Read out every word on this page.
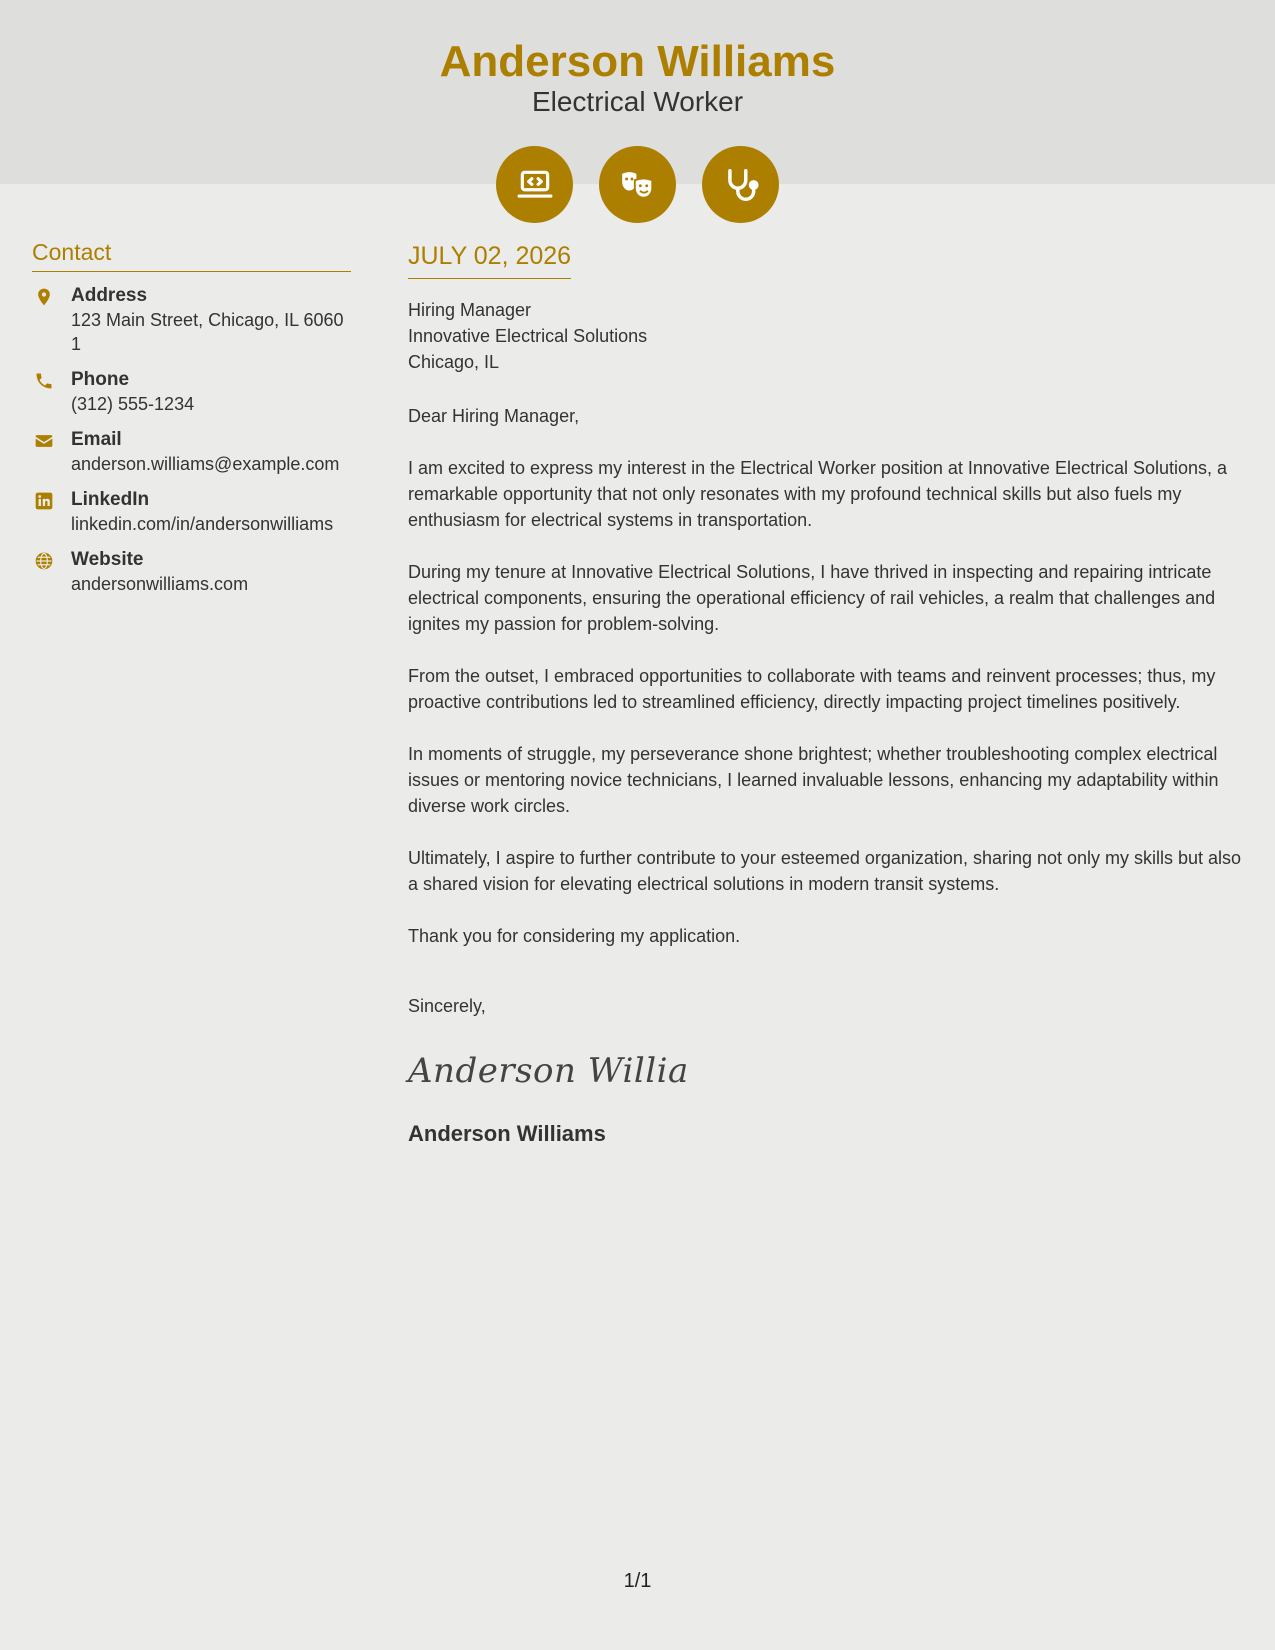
Anderson Williams
Electrical Worker
Contact
Address
123 Main Street, Chicago, IL 60601
Phone
(312) 555-1234
Email
anderson.williams@example.com
LinkedIn
linkedin.com/in/andersonwilliams
Website
andersonwilliams.com
JULY 02, 2026
Hiring Manager
Innovative Electrical Solutions
Chicago, IL
Dear Hiring Manager,
I am excited to express my interest in the Electrical Worker position at Innovative Electrical Solutions, a remarkable opportunity that not only resonates with my profound technical skills but also fuels my enthusiasm for electrical systems in transportation.
During my tenure at Innovative Electrical Solutions, I have thrived in inspecting and repairing intricate electrical components, ensuring the operational efficiency of rail vehicles, a realm that challenges and ignites my passion for problem-solving.
From the outset, I embraced opportunities to collaborate with teams and reinvent processes; thus, my proactive contributions led to streamlined efficiency, directly impacting project timelines positively.
In moments of struggle, my perseverance shone brightest; whether troubleshooting complex electrical issues or mentoring novice technicians, I learned invaluable lessons, enhancing my adaptability within diverse work circles.
Ultimately, I aspire to further contribute to your esteemed organization, sharing not only my skills but also a shared vision for elevating electrical solutions in modern transit systems.
Thank you for considering my application.
Sincerely,
Anderson Willia
Anderson Williams
1/1
